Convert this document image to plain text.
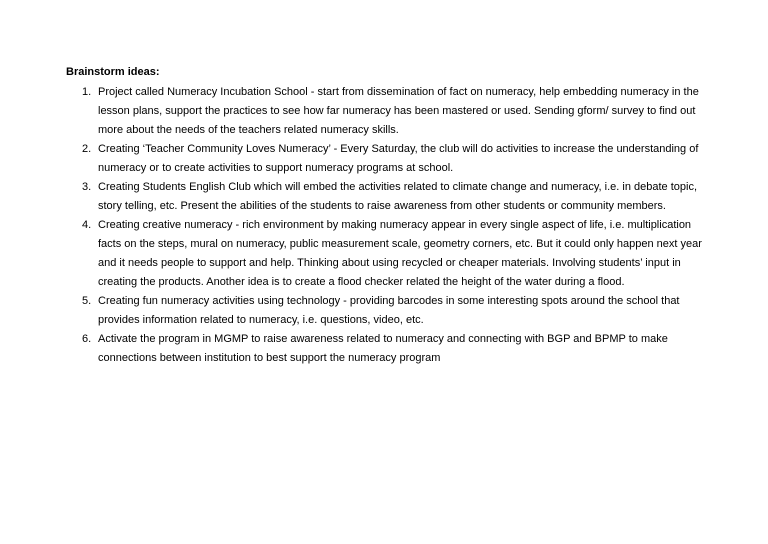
Brainstorm ideas:
1. Project called Numeracy Incubation School - start from dissemination of fact on numeracy, help embedding numeracy in the lesson plans, support the practices to see how far numeracy has been mastered or used. Sending gform/ survey to find out more about the needs of the teachers related numeracy skills.
2. Creating ‘Teacher Community Loves Numeracy’ - Every Saturday, the club will do activities to increase the understanding of numeracy or to create activities to support numeracy programs at school.
3. Creating Students English Club which will embed the activities related to climate change and numeracy, i.e. in debate topic, story telling, etc. Present the abilities of the students to raise awareness from other students or community members.
4. Creating creative numeracy - rich environment by making numeracy appear in every single aspect of life, i.e. multiplication facts on the steps, mural on numeracy, public measurement scale, geometry corners, etc. But it could only happen next year and it needs people to support and help. Thinking about using recycled or cheaper materials. Involving students’ input in creating the products. Another idea is to create a flood checker related the height of the water during a flood.
5. Creating fun numeracy activities using technology - providing barcodes in some interesting spots around the school that provides information related to numeracy, i.e. questions, video, etc.
6. Activate the program in MGMP to raise awareness related to numeracy and connecting with BGP and BPMP to make connections between institution to best support the numeracy program
